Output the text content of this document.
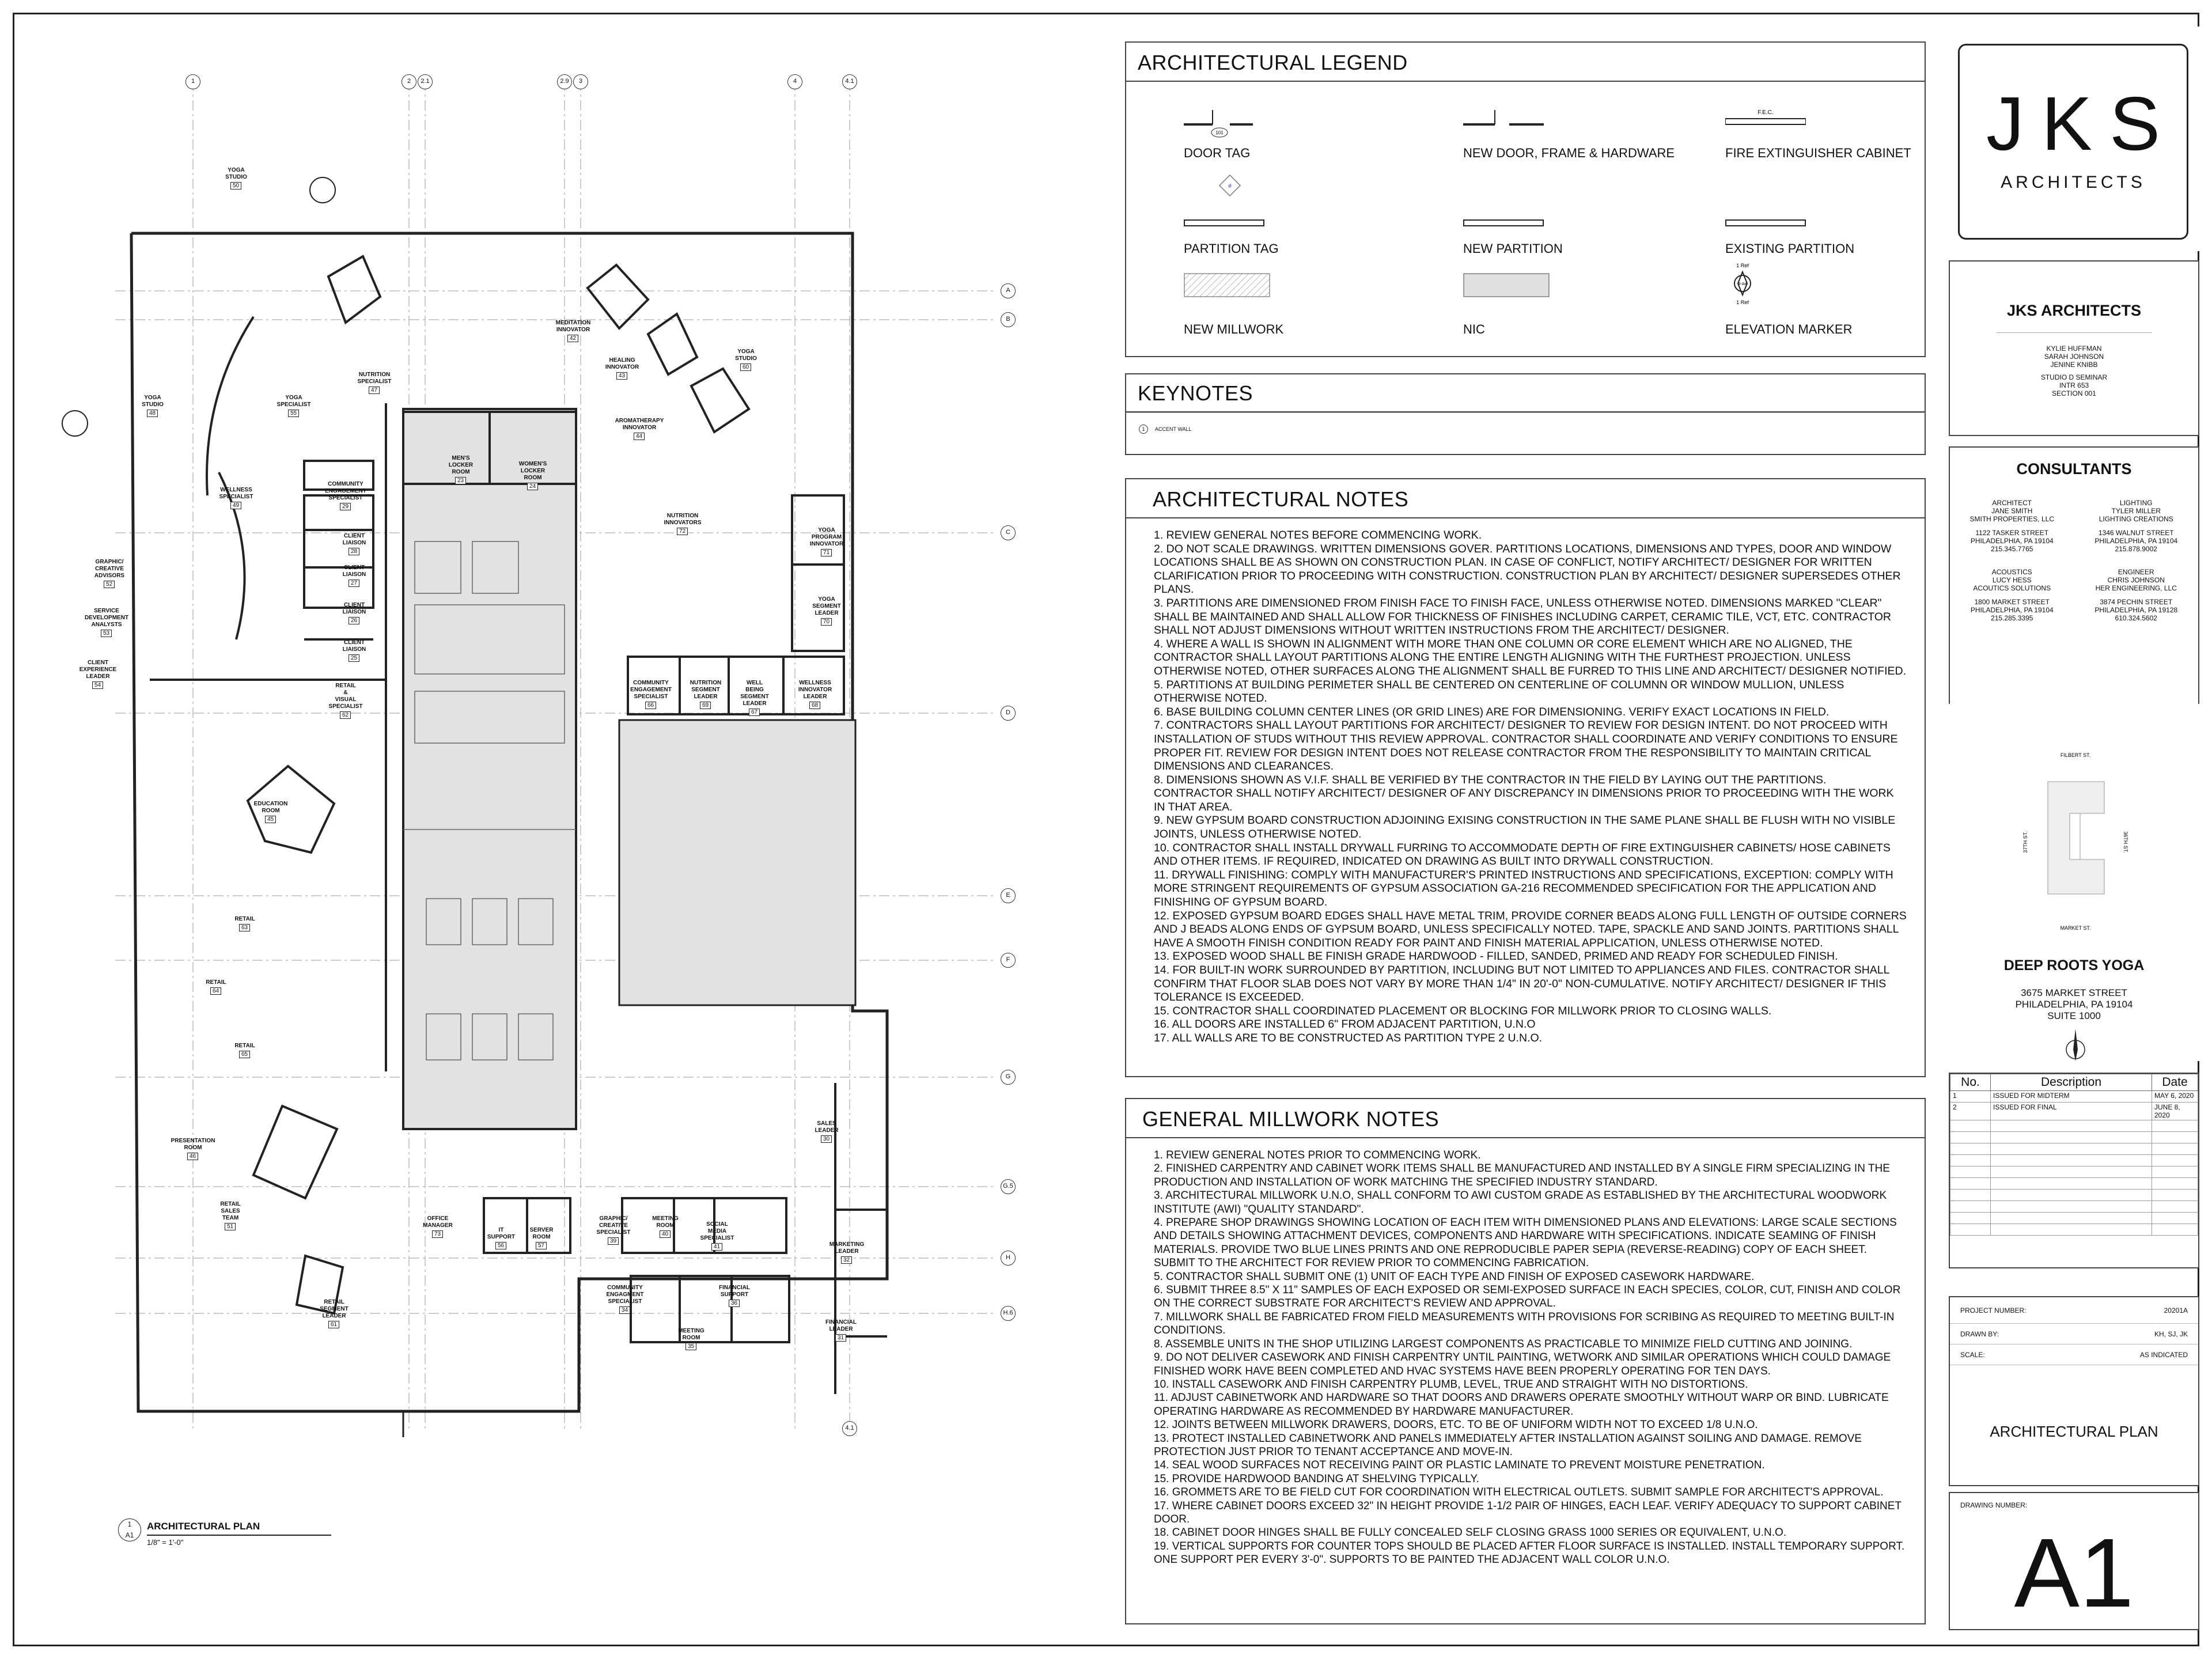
1	2	2.1	2.9	3	4	4.1
A
B
C
D
E
F
G
G.5
H
H.6
4.1
YOGA
STUDIO
50
YOGA
STUDIO
48
NUTRITION
SPECIALIST
47
YOGA
SPECIALIST
55
WELLNESS
SPECIALIST
49
COMMUNITY
ENGAGEMENT
SPECIALIST
29
GRAPHIC/
CREATIVE
ADVISORS
52
SERVICE
DEVELOPMENT
ANALYSTS
53
CLIENT
EXPERIENCE
LEADER
54
CLIENT
LIAISON
28
CLIENT
LIAISON
27
CLIENT
LIAISON
26
CLIENT
LIAISON
25
RETAIL
&
VISUAL
SPECIALIST
62
EDUCATION
ROOM
45
RETAIL
63
RETAIL
64
RETAIL
65
PRESENTATION
ROOM
46
RETAIL
SALES
TEAM
51
RETAIL
SEGMENT
LEADER
61
MEN'S
LOCKER
ROOM
23
WOMEN'S
LOCKER
ROOM
24
MEDITATION
INNOVATOR
42
HEALING
INNOVATOR
43
YOGA
STUDIO
60
AROMATHERAPY
INNOVATOR
44
NUTRITION
INNOVATORS
72	YOGA
PROGRAM
INNOVATOR
71
YOGA
SEGMENT
LEADER
70
COMMUNITY
ENGAGEMENT
SPECIALIST
66
NUTRITION
SEGMENT
LEADER
69
WELL
BEING
SEGMENT
LEADER
67
WELLNESS
INNOVATOR
LEADER
68
SALES
LEADER
30
MARKETING
LEADER
32
FINANCIAL
LEADER
31
OFFICE
MANAGER
73
IT
SUPPORT
56
SERVER
ROOM
57
GRAPHIC/
CREATIVE
SPECIALIST
39
MEETING
ROOM
40
SOCIAL
MEDIA
SPECIALIST
41
COMMUNITY
ENGAGMENT
SPECIALIST
34
FINANCIAL
SUPPORT
36
MEETING
ROOM
35
1
A1
ARCHITECTURAL PLAN
1/8" = 1'-0"
ARCHITECTURAL LEGEND
101
F.E.C.
DOOR TAG	NEW DOOR, FRAME & HARDWARE	FIRE EXTINGUISHER CABINET
#
PARTITION TAG	NEW PARTITION	EXISTING PARTITION
1 Ref
#-A#
1 Ref
NEW MILLWORK	NIC	ELEVATION MARKER
KEYNOTES
1	ACCENT WALL
ARCHITECTURAL NOTES
1. REVIEW GENERAL NOTES BEFORE COMMENCING WORK.
2. DO NOT SCALE DRAWINGS. WRITTEN DIMENSIONS GOVER. PARTITIONS LOCATIONS, DIMENSIONS AND TYPES, DOOR AND WINDOW LOCATIONS SHALL BE AS SHOWN ON CONSTRUCTION PLAN. IN CASE OF CONFLICT, NOTIFY ARCHITECT/ DESIGNER FOR WRITTEN CLARIFICATION PRIOR TO PROCEEDING WITH CONSTRUCTION. CONSTRUCTION PLAN BY ARCHITECT/ DESIGNER SUPERSEDES OTHER PLANS.
3. PARTITIONS ARE DIMENSIONED FROM FINISH FACE TO FINISH FACE, UNLESS OTHERWISE NOTED. DIMENSIONS MARKED "CLEAR" SHALL BE MAINTAINED AND SHALL ALLOW FOR THICKNESS OF FINISHES INCLUDING CARPET, CERAMIC TILE, VCT, ETC. CONTRACTOR SHALL NOT ADJUST DIMENSIONS WITHOUT WRITTEN INSTRUCTIONS FROM THE ARCHITECT/ DESIGNER.
4. WHERE A WALL IS SHOWN IN ALIGNMENT WITH MORE THAN ONE COLUMN OR CORE ELEMENT WHICH ARE NO ALIGNED, THE CONTRACTOR SHALL LAYOUT PARTITIONS ALONG THE ENTIRE LENGTH ALIGNING WITH THE FURTHEST PROJECTION. UNLESS OTHERWISE NOTED, OTHER SURFACES ALONG THE ALIGNMENT SHALL BE FURRED TO THIS LINE AND ARCHITECT/ DESIGNER NOTIFIED.
5. PARTITIONS AT BUILDING PERIMETER SHALL BE CENTERED ON CENTERLINE OF COLUMNN OR WINDOW MULLION, UNLESS OTHERWISE NOTED.
6. BASE BUILDING COLUMN CENTER LINES (OR GRID LINES) ARE FOR DIMENSIONING. VERIFY EXACT LOCATIONS IN FIELD.
7. CONTRACTORS SHALL LAYOUT PARTITIONS FOR ARCHITECT/ DESIGNER TO REVIEW FOR DESIGN INTENT. DO NOT PROCEED WITH INSTALLATION OF STUDS WITHOUT THIS REVIEW APPROVAL. CONTRACTOR SHALL COORDINATE AND VERIFY CONDITIONS TO ENSURE PROPER FIT. REVIEW FOR DESIGN INTENT DOES NOT RELEASE CONTRACTOR FROM THE RESPONSIBILITY TO MAINTAIN CRITICAL DIMENSIONS AND CLEARANCES.
8. DIMENSIONS SHOWN AS V.I.F. SHALL BE VERIFIED BY THE CONTRACTOR IN THE FIELD BY LAYING OUT THE PARTITIONS. CONTRACTOR SHALL NOTIFY ARCHITECT/ DESIGNER OF ANY DISCREPANCY IN DIMENSIONS PRIOR TO PROCEEDING WITH THE WORK IN THAT AREA.
9. NEW GYPSUM BOARD CONSTRUCTION ADJOINING EXISING CONSTRUCTION IN THE SAME PLANE SHALL BE FLUSH WITH NO VISIBLE JOINTS, UNLESS OTHERWISE NOTED.
10. CONTRACTOR SHALL INSTALL DRYWALL FURRING TO ACCOMMODATE DEPTH OF FIRE EXTINGUISHER CABINETS/ HOSE CABINETS AND OTHER ITEMS. IF REQUIRED, INDICATED ON DRAWING AS BUILT INTO DRYWALL CONSTRUCTION.
11. DRYWALL FINISHING: COMPLY WITH MANUFACTURER'S PRINTED INSTRUCTIONS AND SPECIFICATIONS, EXCEPTION: COMPLY WITH MORE STRINGENT REQUIREMENTS OF GYPSUM ASSOCIATION GA-216 RECOMMENDED SPECIFICATION FOR THE APPLICATION AND FINISHING OF GYPSUM BOARD.
12. EXPOSED GYPSUM BOARD EDGES SHALL HAVE METAL TRIM, PROVIDE CORNER BEADS ALONG FULL LENGTH OF OUTSIDE CORNERS AND J BEADS ALONG ENDS OF GYPSUM BOARD, UNLESS SPECIFICALLY NOTED. TAPE, SPACKLE AND SAND JOINTS. PARTITIONS SHALL HAVE A SMOOTH FINISH CONDITION READY FOR PAINT AND FINISH MATERIAL APPLICATION, UNLESS OTHERWISE NOTED.
13. EXPOSED WOOD SHALL BE FINISH GRADE HARDWOOD - FILLED, SANDED, PRIMED AND READY FOR SCHEDULED FINISH.
14. FOR BUILT-IN WORK SURROUNDED BY PARTITION, INCLUDING BUT NOT LIMITED TO APPLIANCES AND FILES. CONTRACTOR SHALL CONFIRM THAT FLOOR SLAB DOES NOT VARY BY MORE THAN 1/4" IN 20'-0" NON-CUMULATIVE. NOTIFY ARCHITECT/ DESIGNER IF THIS TOLERANCE IS EXCEEDED.
15. CONTRACTOR SHALL COORDINATED PLACEMENT OR BLOCKING FOR MILLWORK PRIOR TO CLOSING WALLS.
16. ALL DOORS ARE INSTALLED 6" FROM ADJACENT PARTITION, U.N.O
17. ALL WALLS ARE TO BE CONSTRUCTED AS PARTITION TYPE 2 U.N.O.
GENERAL MILLWORK NOTES
1. REVIEW GENERAL NOTES PRIOR TO COMMENCING WORK.
2. FINISHED CARPENTRY AND CABINET WORK ITEMS SHALL BE MANUFACTURED AND INSTALLED BY A SINGLE FIRM SPECIALIZING IN THE PRODUCTION AND INSTALLATION OF WORK MATCHING THE SPECIFIED INDUSTRY STANDARD.
3. ARCHITECTURAL MILLWORK U.N.O, SHALL CONFORM TO AWI CUSTOM GRADE AS ESTABLISHED BY THE ARCHITECTURAL WOODWORK INSTITUTE (AWI) "QUALITY STANDARD".
4. PREPARE SHOP DRAWINGS SHOWING LOCATION OF EACH ITEM WITH DIMENSIONED PLANS AND ELEVATIONS: LARGE SCALE SECTIONS AND DETAILS SHOWING ATTACHMENT DEVICES, COMPONENTS AND HARDWARE WITH SPECIFICATIONS. INDICATE SEAMING OF FINISH MATERIALS. PROVIDE TWO BLUE LINES PRINTS AND ONE REPRODUCIBLE PAPER SEPIA (REVERSE-READING) COPY OF EACH SHEET. SUBMIT TO THE ARCHITECT FOR REVIEW PRIOR TO COMMENCING FABRICATION.
5. CONTRACTOR SHALL SUBMIT ONE (1) UNIT OF EACH TYPE AND FINISH OF EXPOSED CASEWORK HARDWARE.
6. SUBMIT THREE 8.5" X 11" SAMPLES OF EACH EXPOSED OR SEMI-EXPOSED SURFACE IN EACH SPECIES, COLOR, CUT, FINISH AND COLOR ON THE CORRECT SUBSTRATE FOR ARCHITECT'S REVIEW AND APPROVAL.
7. MILLWORK SHALL BE FABRICATED FROM FIELD MEASUREMENTS WITH PROVISIONS FOR SCRIBING AS REQUIRED TO MEETING BUILT-IN CONDITIONS.
8. ASSEMBLE UNITS IN THE SHOP UTILIZING LARGEST COMPONENTS AS PRACTICABLE TO MINIMIZE FIELD CUTTING AND JOINING.
9. DO NOT DELIVER CASEWORK AND FINISH CARPENTRY UNTIL PAINTING, WETWORK AND SIMILAR OPERATIONS WHICH COULD DAMAGE FINISHED WORK HAVE BEEN COMPLETED AND HVAC SYSTEMS HAVE BEEN PROPERLY OPERATING FOR TEN DAYS.
10. INSTALL CASEWORK AND FINISH CARPENTRY PLUMB, LEVEL, TRUE AND STRAIGHT WITH NO DISTORTIONS.
11. ADJUST CABINETWORK AND HARDWARE SO THAT DOORS AND DRAWERS OPERATE SMOOTHLY WITHOUT WARP OR BIND. LUBRICATE OPERATING HARDWARE AS RECOMMENDED BY HARDWARE MANUFACTURER.
12. JOINTS BETWEEN MILLWORK DRAWERS, DOORS, ETC. TO BE OF UNIFORM WIDTH NOT TO EXCEED 1/8 U.N.O.
13. PROTECT INSTALLED CABINETWORK AND PANELS IMMEDIATELY AFTER INSTALLATION AGAINST SOILING AND DAMAGE. REMOVE PROTECTION JUST PRIOR TO TENANT ACCEPTANCE AND MOVE-IN.
14. SEAL WOOD SURFACES NOT RECEIVING PAINT OR PLASTIC LAMINATE TO PREVENT MOISTURE PENETRATION.
15. PROVIDE HARDWOOD BANDING AT SHELVING TYPICALLY.
16. GROMMETS ARE TO BE FIELD CUT FOR COORDINATION WITH ELECTRICAL OUTLETS. SUBMIT SAMPLE FOR ARCHITECT'S APPROVAL.
17. WHERE CABINET DOORS EXCEED 32" IN HEIGHT PROVIDE 1-1/2 PAIR OF HINGES, EACH LEAF. VERIFY ADEQUACY TO SUPPORT CABINET DOOR.
18. CABINET DOOR HINGES SHALL BE FULLY CONCEALED SELF CLOSING GRASS 1000 SERIES OR EQUIVALENT, U.N.O.
19. VERTICAL SUPPORTS FOR COUNTER TOPS SHOULD BE PLACED AFTER FLOOR SURFACE IS INSTALLED. INSTALL TEMPORARY SUPPORT. ONE SUPPORT PER EVERY 3'-0". SUPPORTS TO BE PAINTED THE ADJACENT WALL COLOR U.N.O.
JKS
ARCHITECTS
JKS ARCHITECTS
KYLIE HUFFMAN
SARAH JOHNSON
JENINE KNIBB
STUDIO D SEMINAR
INTR 653
SECTION 001
CONSULTANTS
ARCHITECT
JANE SMITH
SMITH PROPERTIES, LLC
1122 TASKER STREET
PHILADELPHIA, PA 19104
215.345.7765
LIGHTING
TYLER MILLER
LIGHTING CREATIONS
1346 WALNUT STREET
PHILADELPHIA, PA 19104
215.878.9002
ACOUSTICS
LUCY HESS
ACOUTICS SOLUTIONS
1800 MARKET STREET
PHILADELPHIA, PA 19104
215.285.3395
ENGINEER
CHRIS JOHNSON
HER ENGINEERING, LLC
3874 PECHIN STREET
PHILADELPHIA, PA 19128
610.324.5602
FILBERT ST.
MARKET ST.
37TH ST.	36TH ST.
DEEP ROOTS YOGA
3675 MARKET STREET
PHILADELPHIA, PA 19104
SUITE 1000
No.	Description	Date
1	ISSUED FOR MIDTERM	MAY 6, 2020
2	ISSUED FOR FINAL	JUNE 8, 2020

PROJECT NUMBER:	20201A
DRAWN BY:	KH, SJ, JK
SCALE:	AS INDICATED
ARCHITECTURAL PLAN
DRAWING NUMBER:
A1
